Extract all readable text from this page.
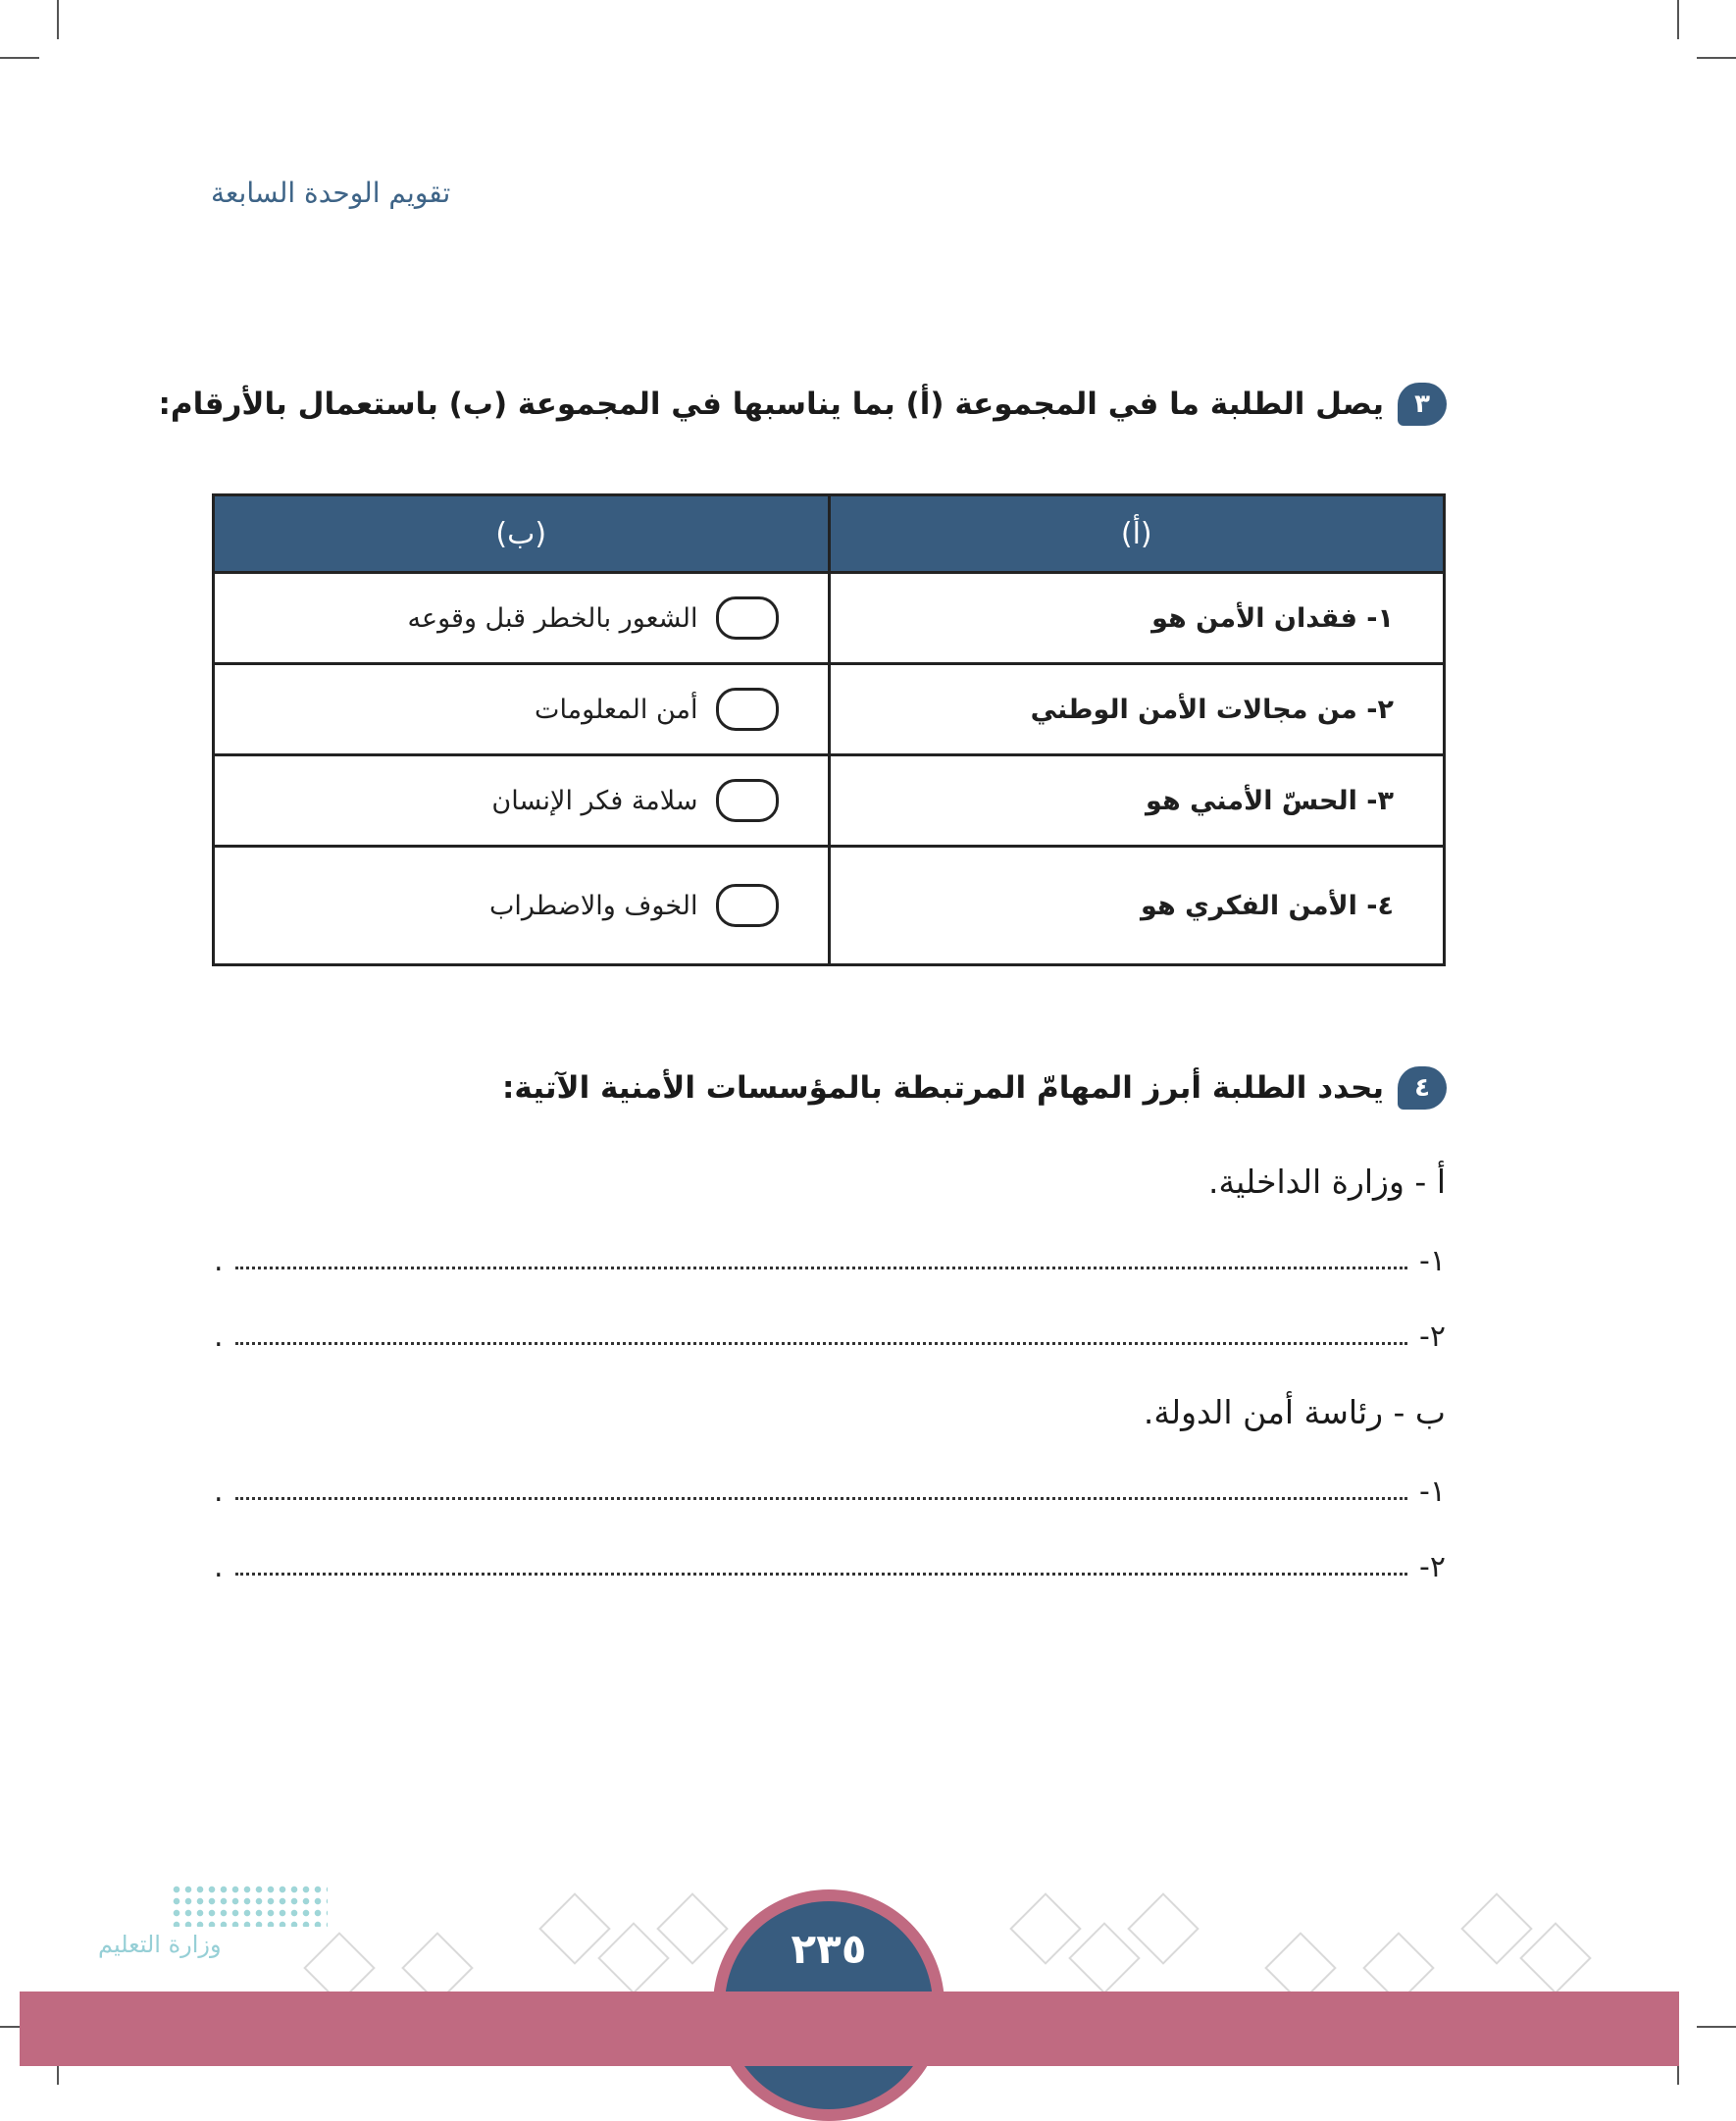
تقويم الوحدة السابعة
٣
يصل الطلبة ما في المجموعة (أ) بما يناسبها في المجموعة (ب) باستعمال بالأرقام:
(أ)	(ب)
١- فقدان الأمن هو	الشعور بالخطر قبل وقوعه

٢- من مجالات الأمن الوطني	أمن المعلومات

٣- الحسّ الأمني هو	سلامة فكر الإنسان

٤- الأمن الفكري هو	الخوف والاضطراب
٤
يحدد الطلبة أبرز المهامّ المرتبطة بالمؤسسات الأمنية الآتية:
أ - وزارة الداخلية.
١-
.
٢-
.
ب - رئاسة أمن الدولة.
١-
.
٢-
.
وزارة التعليم	٢٣٥
